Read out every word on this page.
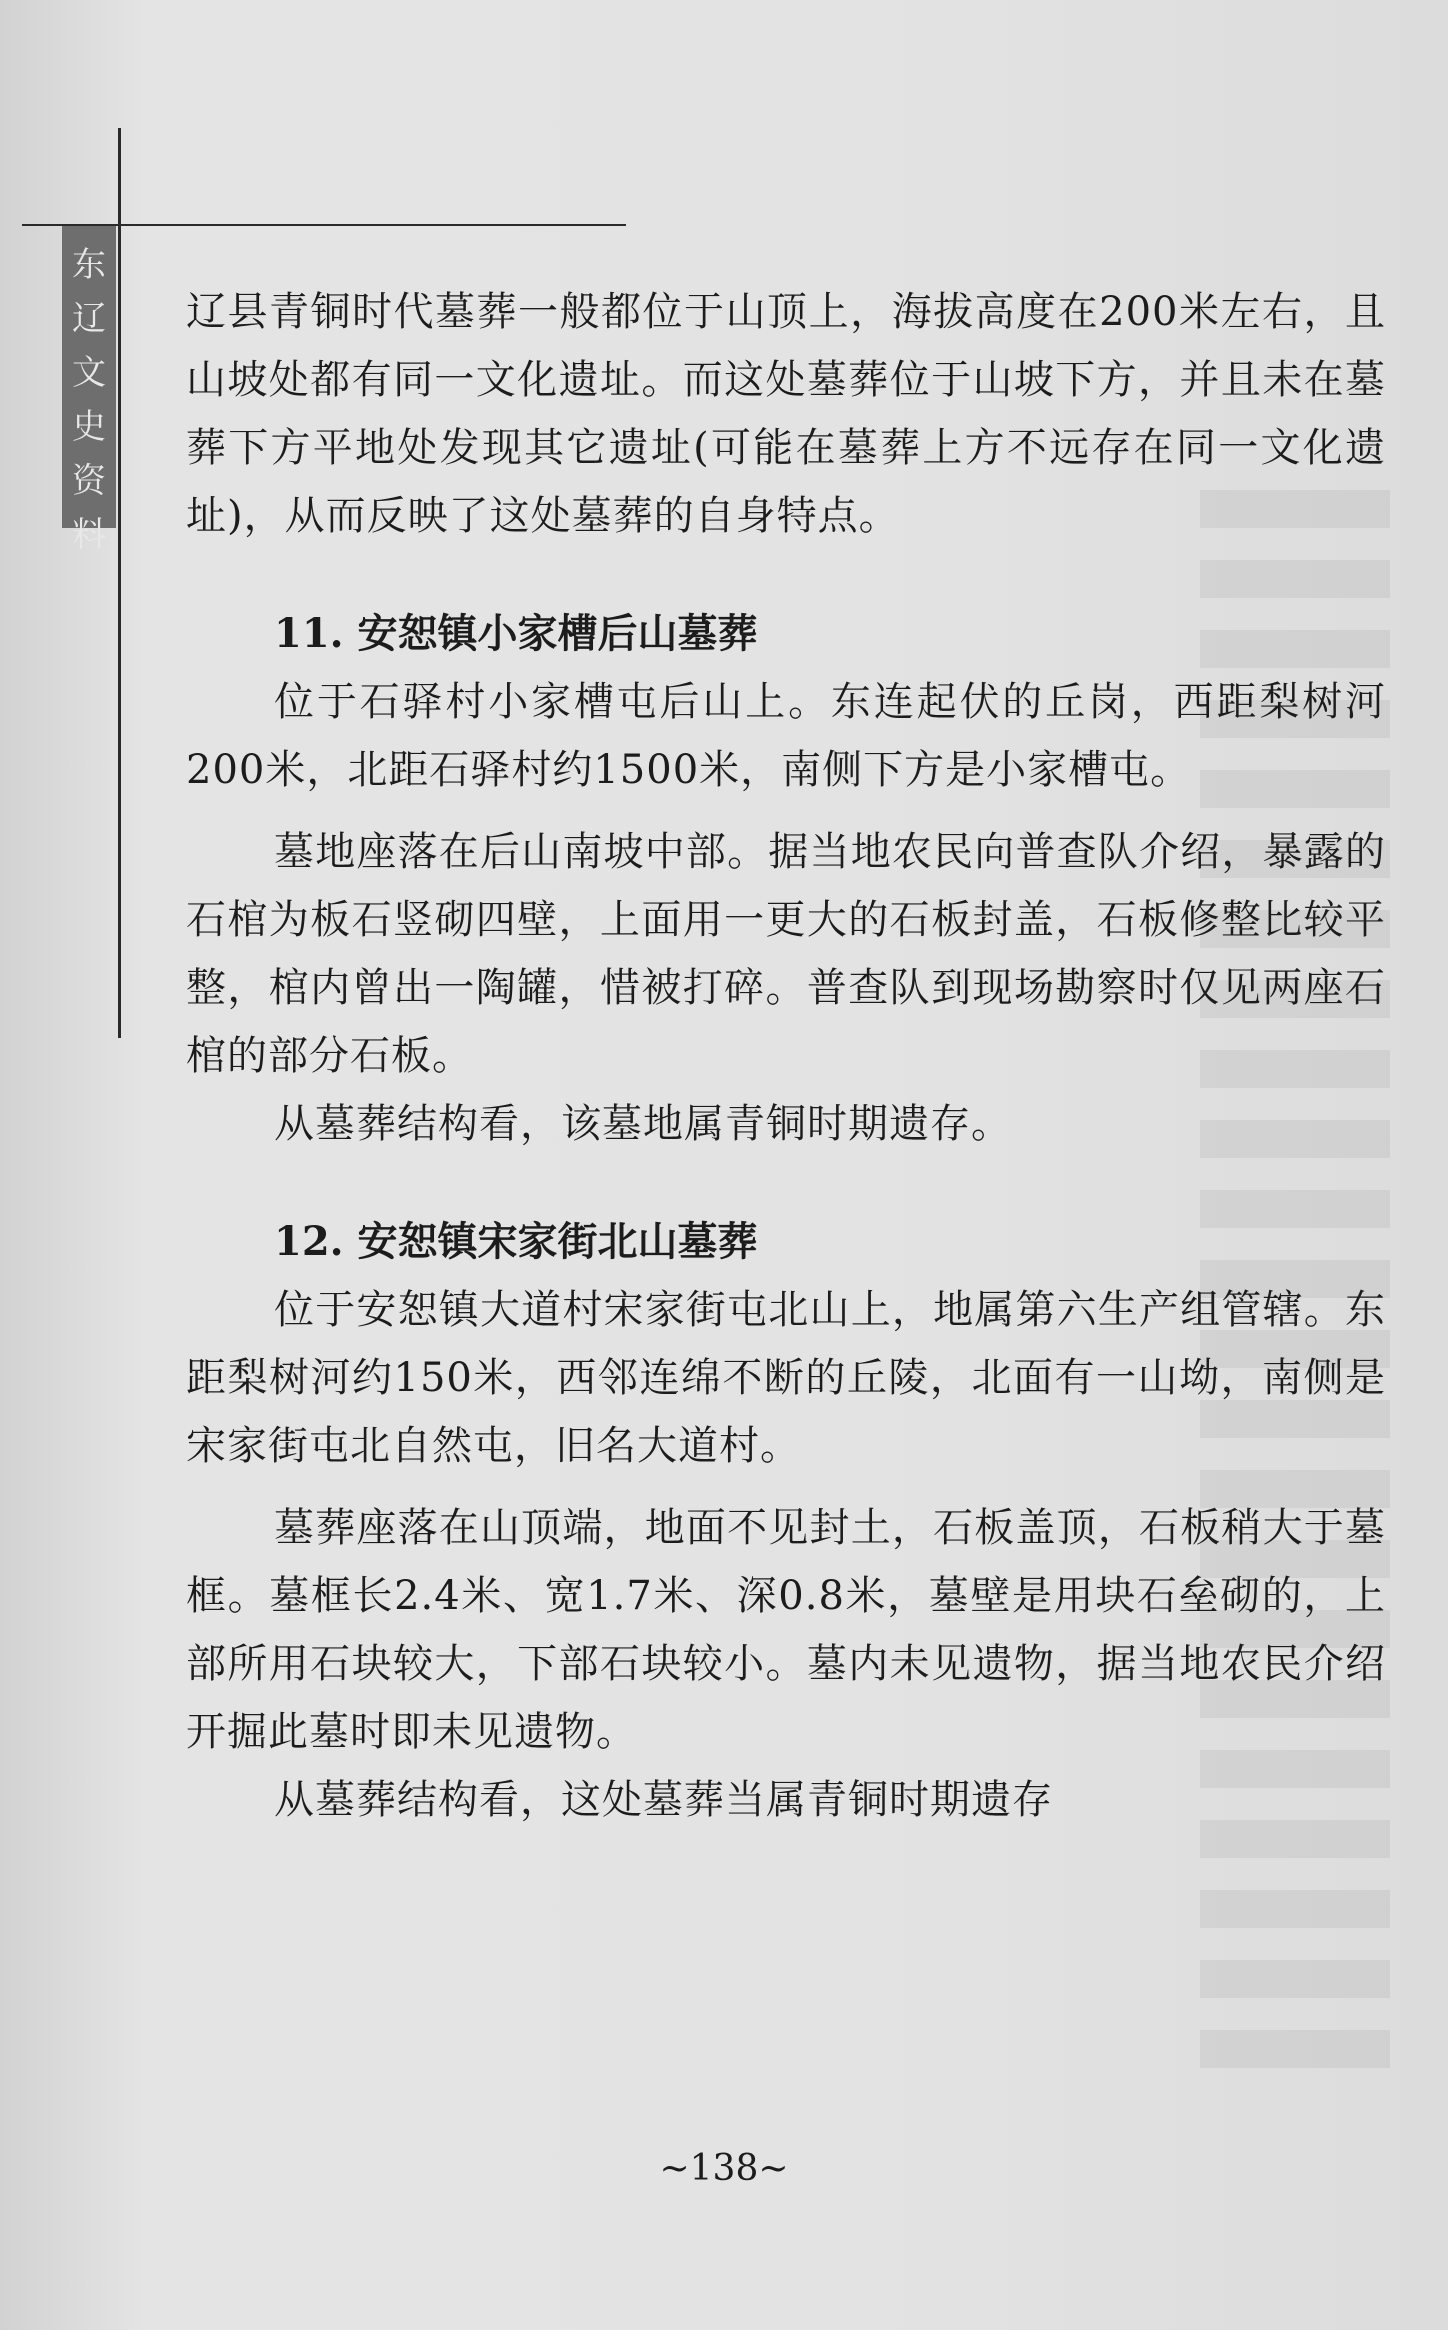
东
辽
文
史
资
料

辽县青铜时代墓葬一般都位于山顶上，海拔高度在200米左右，且山坡处都有同一文化遗址。而这处墓葬位于山坡下方，并且未在墓葬下方平地处发现其它遗址(可能在墓葬上方不远存在同一文化遗址)，从而反映了这处墓葬的自身特点。

11. 安恕镇小家槽后山墓葬

位于石驿村小家槽屯后山上。东连起伏的丘岗，西距梨树河200米，北距石驿村约1500米，南侧下方是小家槽屯。

墓地座落在后山南坡中部。据当地农民向普查队介绍，暴露的石棺为板石竖砌四壁，上面用一更大的石板封盖，石板修整比较平整，棺内曾出一陶罐，惜被打碎。普查队到现场勘察时仅见两座石棺的部分石板。

从墓葬结构看，该墓地属青铜时期遗存。

12. 安恕镇宋家街北山墓葬

位于安恕镇大道村宋家街屯北山上，地属第六生产组管辖。东距梨树河约150米，西邻连绵不断的丘陵，北面有一山坳，南侧是宋家街屯北自然屯，旧名大道村。

墓葬座落在山顶端，地面不见封土，石板盖顶，石板稍大于墓框。墓框长2.4米、宽1.7米、深0.8米，墓壁是用块石垒砌的，上部所用石块较大，下部石块较小。墓内未见遗物，据当地农民介绍开掘此墓时即未见遗物。

从墓葬结构看，这处墓葬当属青铜时期遗存

~138~
